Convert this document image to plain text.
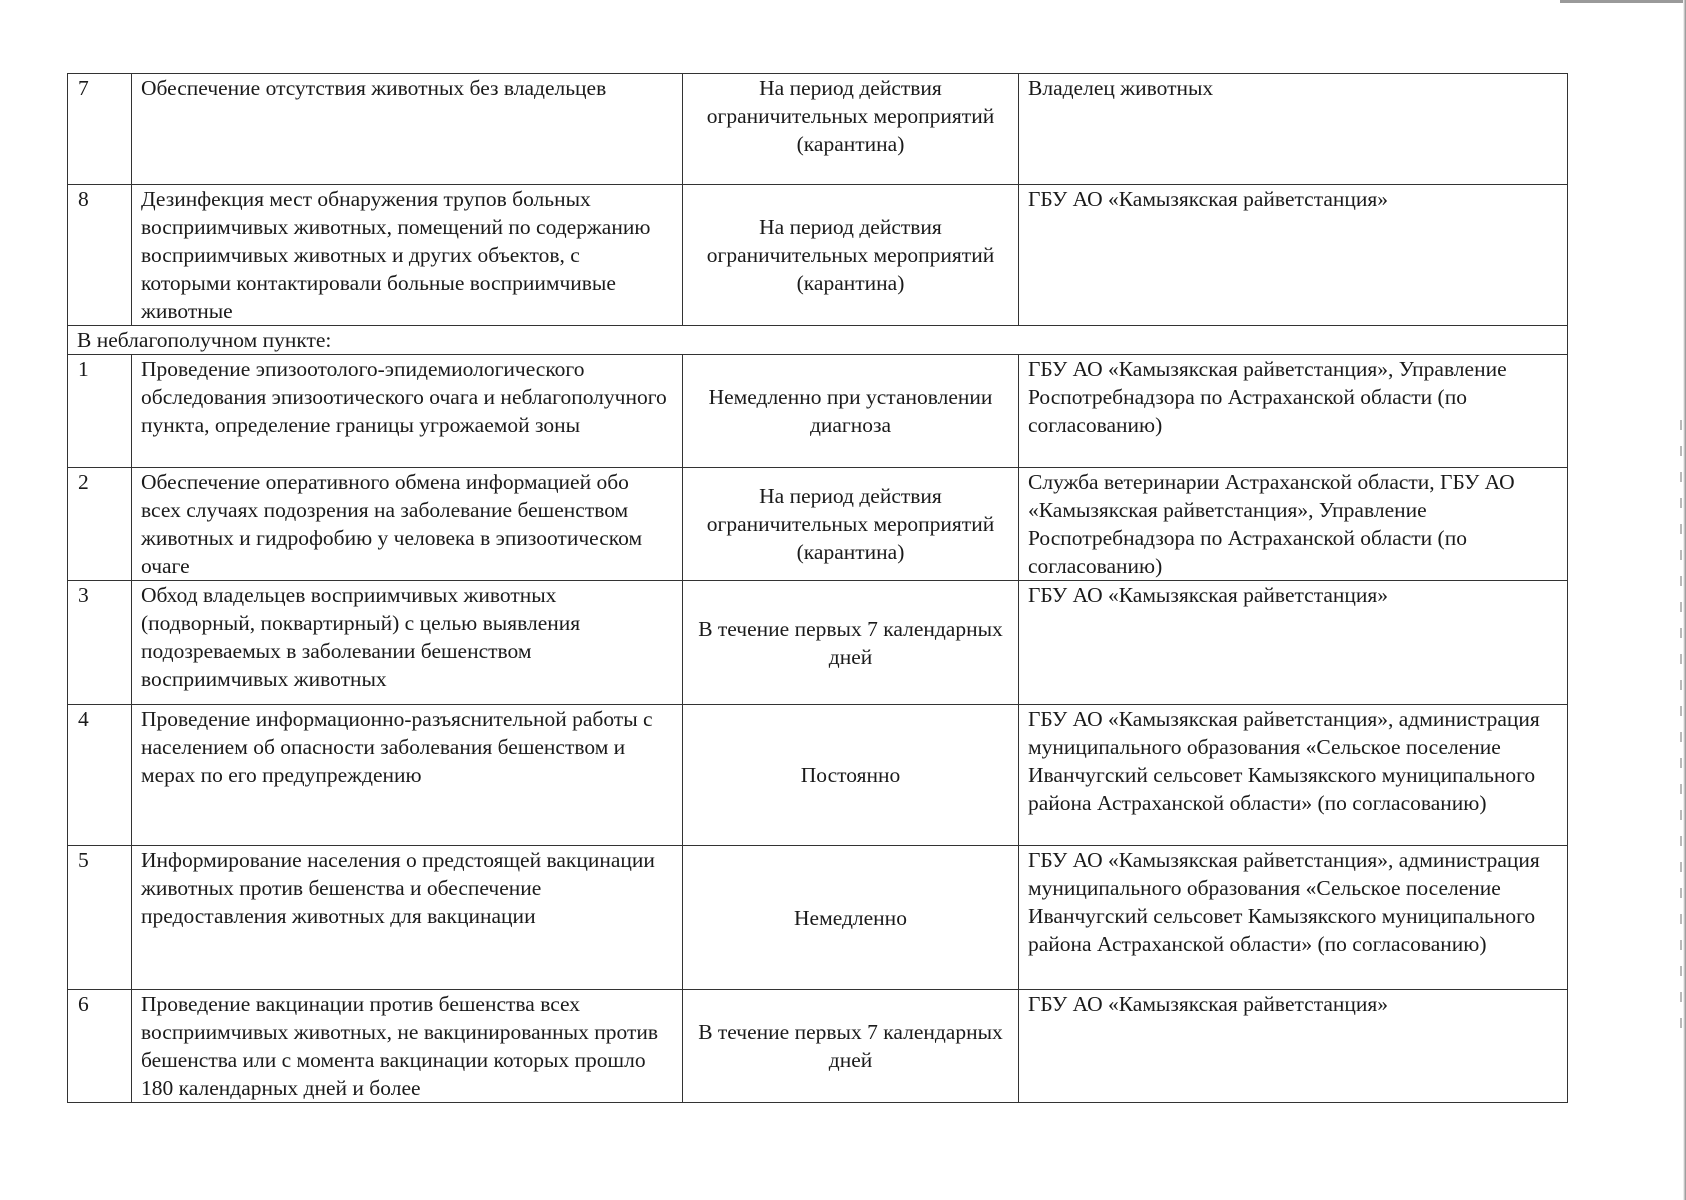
7	Обеспечение отсутствия животных без владельцев	На период действия ограничительных мероприятий (карантина)	Владелец животных
8	Дезинфекция мест обнаружения трупов больных восприимчивых животных, помещений по содержанию восприимчивых животных и других объектов, с которыми контактировали больные восприимчивые животные	На период действия ограничительных мероприятий (карантина)	ГБУ АО «Камызякская райветстанция»
В неблагополучном пункте:			
1	Проведение эпизоотолого-эпидемиологического обследования эпизоотического очага и неблагополучного пункта, определение границы угрожаемой зоны	Немедленно при установлении диагноза	ГБУ АО «Камызякская райветстанция», Управление Роспотребнадзора по Астраханской области (по согласованию)
2	Обеспечение оперативного обмена информацией обо всех случаях подозрения на заболевание бешенством животных и гидрофобию у человека в эпизоотическом очаге	На период действия ограничительных мероприятий (карантина)	Служба ветеринарии Астраханской области, ГБУ АО «Камызякская райветстанция», Управление Роспотребнадзора по Астраханской области (по согласованию)
3	Обход владельцев восприимчивых животных (подворный, поквартирный) с целью выявления подозреваемых в заболевании бешенством восприимчивых животных	В течение первых 7 календарных дней	ГБУ АО «Камызякская райветстанция»
4	Проведение информационно-разъяснительной работы с населением об опасности заболевания бешенством и мерах по его предупреждению	Постоянно	ГБУ АО «Камызякская райветстанция», администрация муниципального образования «Сельское поселение Иванчугский сельсовет Камызякского муниципального района Астраханской области» (по согласованию)
5	Информирование населения о предстоящей вакцинации животных против бешенства и обеспечение предоставления животных для вакцинации	Немедленно	ГБУ АО «Камызякская райветстанция», администрация муниципального образования «Сельское поселение Иванчугский сельсовет Камызякского муниципального района Астраханской области» (по согласованию)
6	Проведение вакцинации против бешенства всех восприимчивых животных, не вакцинированных против бешенства или с момента вакцинации которых прошло 180 календарных дней и более	В течение первых 7 календарных дней	ГБУ АО «Камызякская райветстанция»
